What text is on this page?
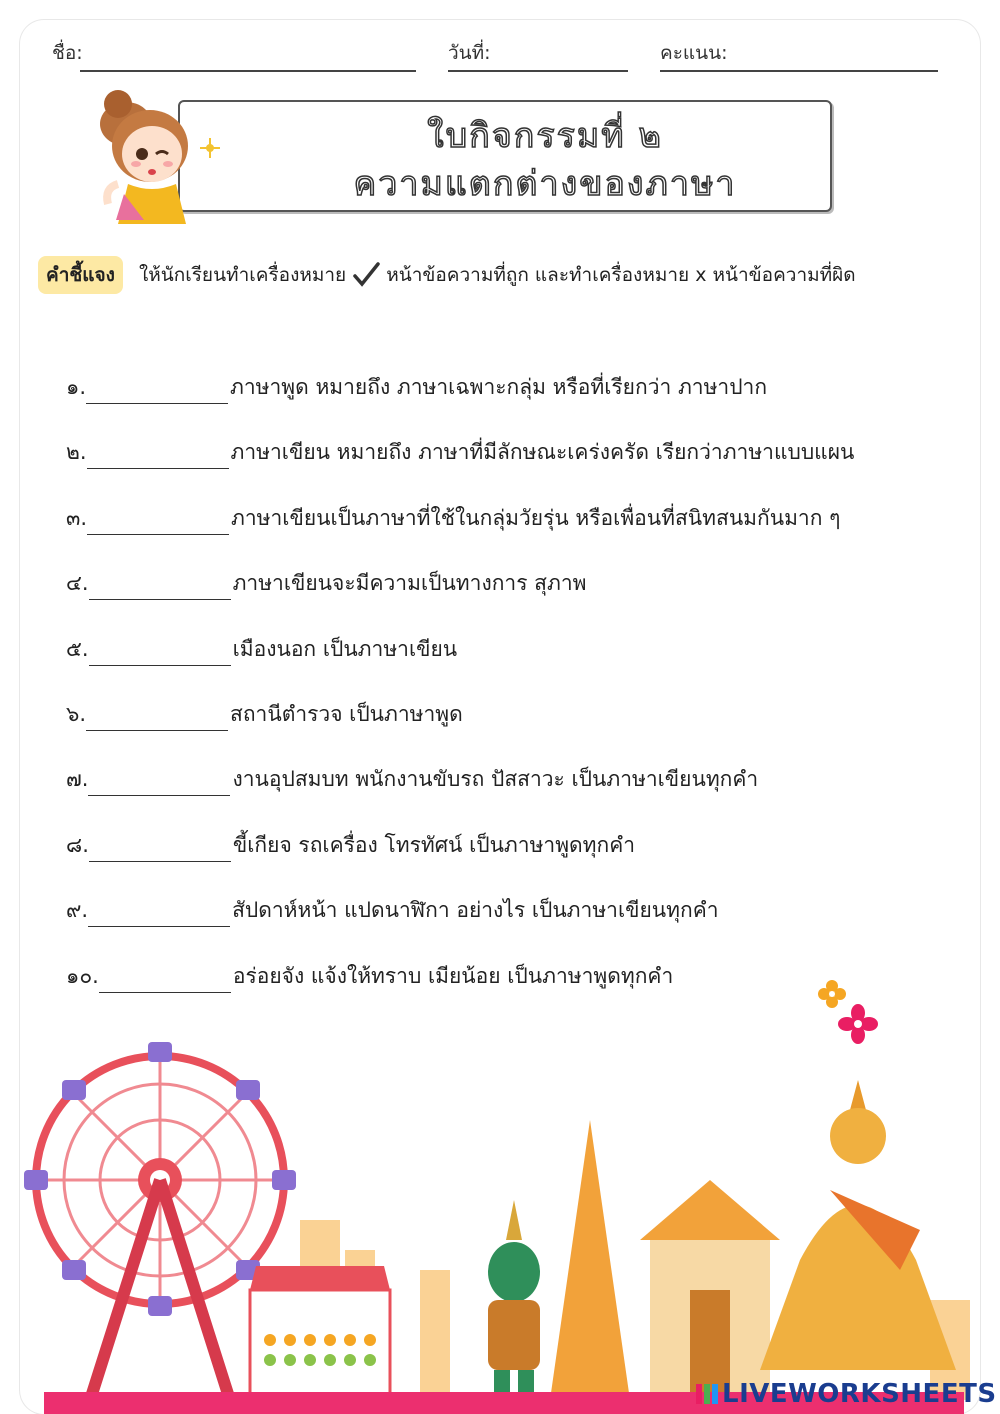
ชื่อ:	วันที่:	คะแนน:
ใบกิจกรรมที่ ๒
ความแตกต่างของภาษา
คำชี้แจง	ให้นักเรียนทำเครื่องหมาย หน้าข้อความที่ถูก และทำเครื่องหมาย x หน้าข้อความที่ผิด
๑.	ภาษาพูด หมายถึง ภาษาเฉพาะกลุ่ม หรือที่เรียกว่า ภาษาปาก
๒.	ภาษาเขียน หมายถึง ภาษาที่มีลักษณะเคร่งครัด เรียกว่าภาษาแบบแผน
๓.	ภาษาเขียนเป็นภาษาที่ใช้ในกลุ่มวัยรุ่น หรือเพื่อนที่สนิทสนมกันมาก ๆ
๔.	ภาษาเขียนจะมีความเป็นทางการ สุภาพ
๕.	เมืองนอก เป็นภาษาเขียน
๖.	สถานีตำรวจ เป็นภาษาพูด
๗.	งานอุปสมบท พนักงานขับรถ ปัสสาวะ เป็นภาษาเขียนทุกคำ
๘.	ขี้เกียจ รถเครื่อง โทรทัศน์ เป็นภาษาพูดทุกคำ
๙.	สัปดาห์หน้า แปดนาฬิกา อย่างไร เป็นภาษาเขียนทุกคำ
๑๐.	อร่อยจัง แจ้งให้ทราบ เมียน้อย เป็นภาษาพูดทุกคำ
LIVEWORKSHEETS
